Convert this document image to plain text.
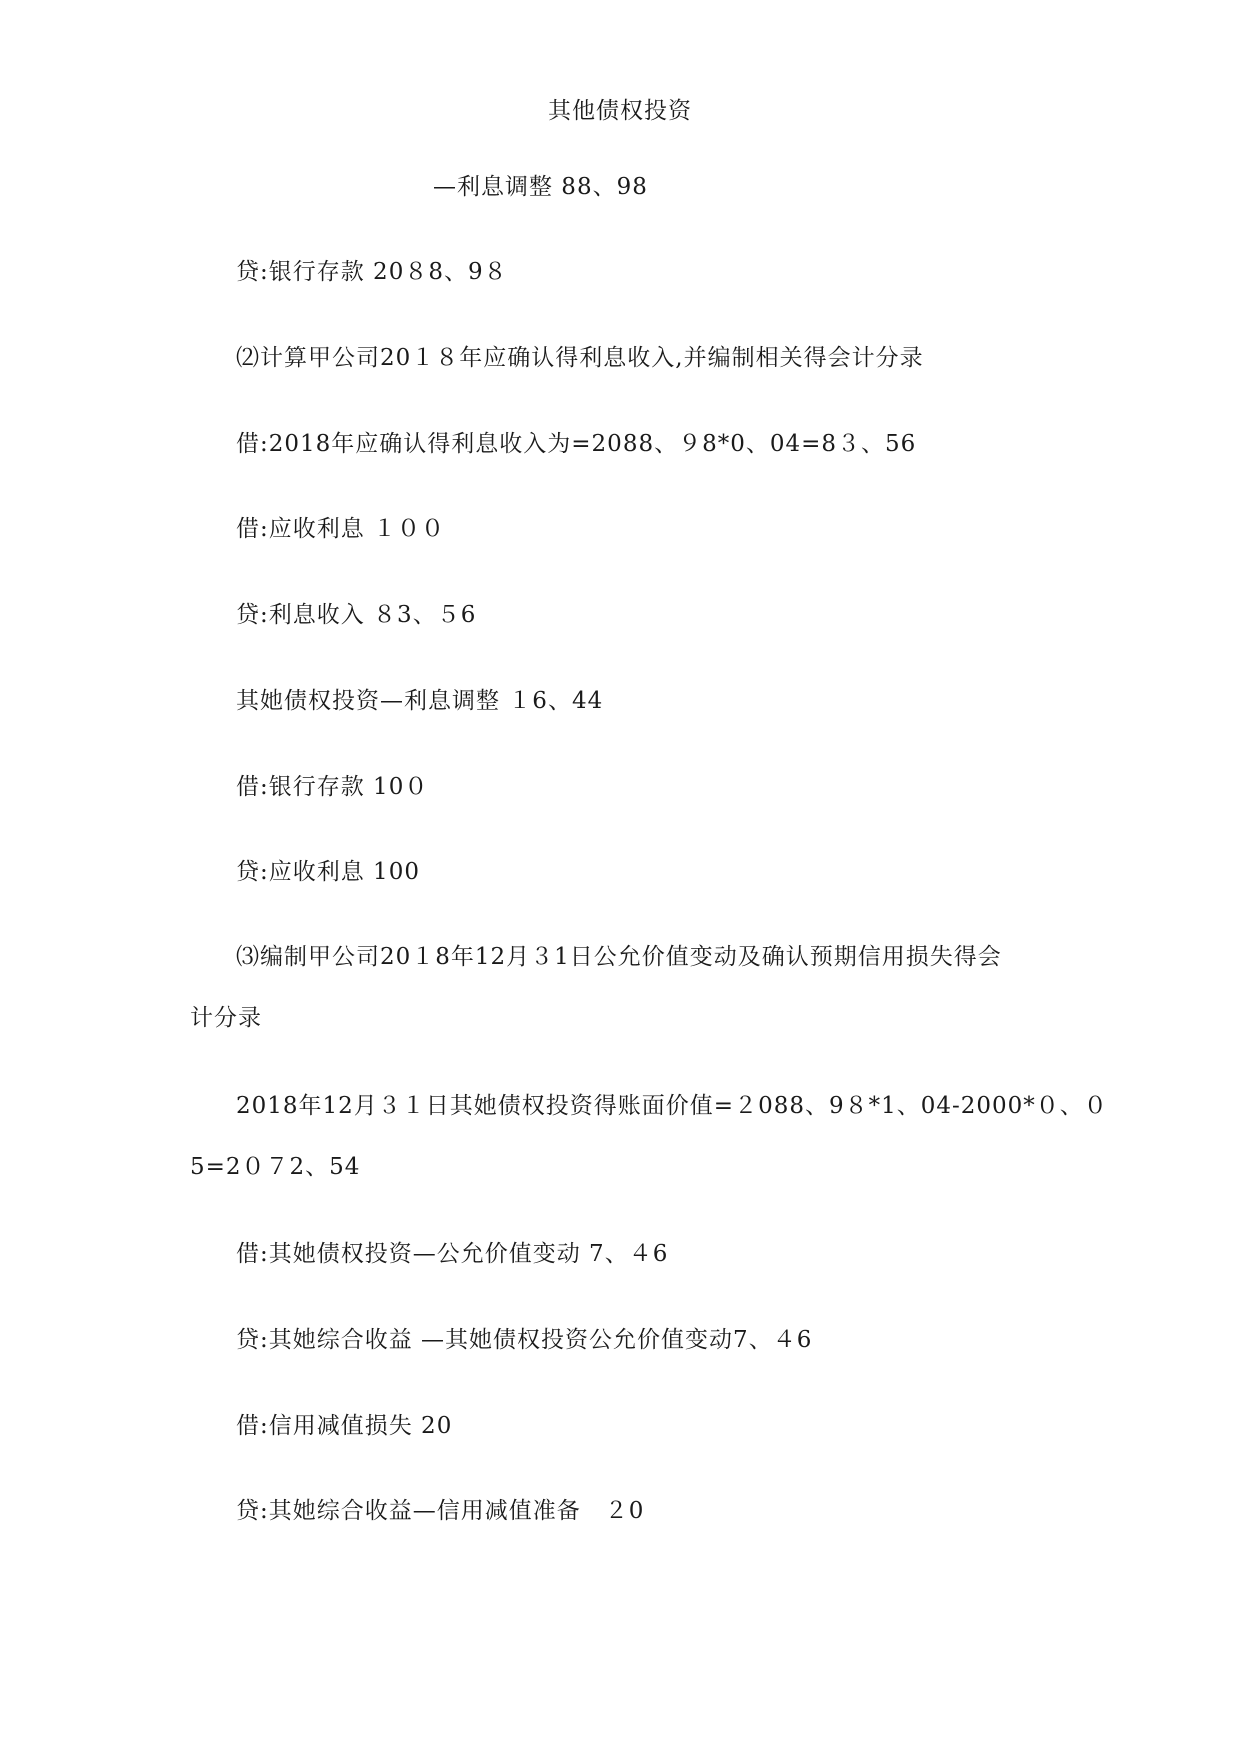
其他债权投资
—利息调整 88、98
贷:银行存款 20８8、9８
⑵计算甲公司20１８年应确认得利息收入,并编制相关得会计分录
借:2018年应确认得利息收入为=2088、９8*0、04=8３、56
借:应收利息 １００
贷:利息收入 ８3、５6
其她债权投资—利息调整 １6、44
借:银行存款 10０
贷:应收利息 100
⑶编制甲公司20１8年12月３1日公允价值变动及确认预期信用损失得会
计分录
2018年12月３１日其她债权投资得账面价值=２088、9８*1、04-2000*０、０
5=2０７2、54
借:其她债权投资—公允价值变动 7、４6
贷:其她综合收益 —其她债权投资公允价值变动7、４6
借:信用减值损失 20
贷:其她综合收益—信用减值准备　２0
